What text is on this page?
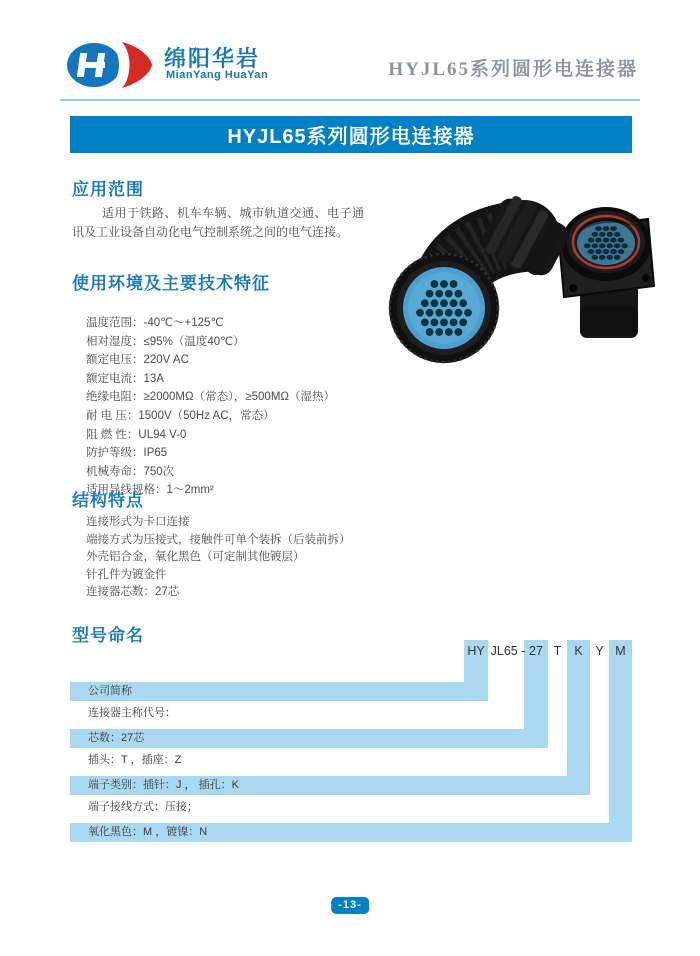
绵阳华岩
MianYang HuaYan	HYJL65系列圆形电连接器
HYJL65系列圆形电连接器
应用范围
适用于铁路、机车车辆、城市轨道交通、电子通讯及工业设备自动化电气控制系统之间的电气连接。
使用环境及主要技术特征
温度范围：-40℃～+125℃
相对湿度：≤95%（温度40℃）
额定电压：220V AC
额定电流：13A
绝缘电阻：≥2000MΩ（常态），≥500MΩ（湿热）
耐 电 压：1500V（50Hz AC，常态）
阻 燃 性：UL94 V-0
防护等级：IP65
机械寿命：750次
适用导线规格：1～2mm²
结构特点
连接形式为卡口连接
端接方式为压接式，接触件可单个装拆（后装前拆）
外壳铝合金，氧化黑色（可定制其他镀层）
针孔件为镀金件
连接器芯数：27芯
型号命名
HY JL65 - 27 T	K	Y M
公司简称
连接器主称代号：
芯数：27芯
插头：T ，插座：Z
端子类别：插针：J ， 插孔：K
端子接线方式：压接；
氧化黑色：M ，镀镍：N
-13-
